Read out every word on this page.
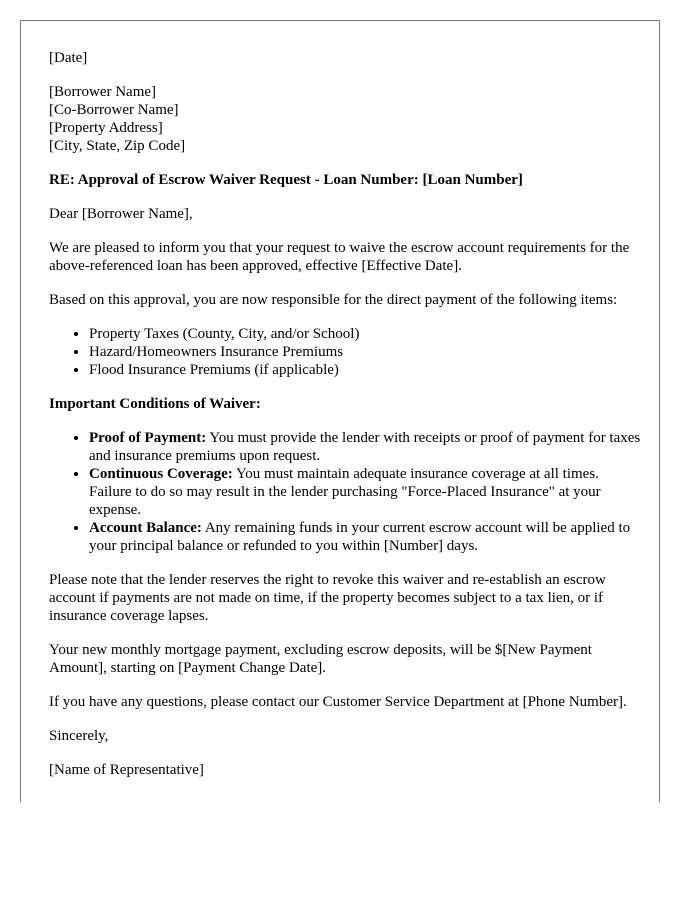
[Date]

[Borrower Name]
[Co-Borrower Name]
[Property Address]
[City, State, Zip Code]

RE: Approval of Escrow Waiver Request - Loan Number: [Loan Number]

Dear [Borrower Name],

We are pleased to inform you that your request to waive the escrow account requirements for the above-referenced loan has been approved, effective [Effective Date].

Based on this approval, you are now responsible for the direct payment of the following items:

• Property Taxes (County, City, and/or School)
• Hazard/Homeowners Insurance Premiums
• Flood Insurance Premiums (if applicable)

Important Conditions of Waiver:

• Proof of Payment: You must provide the lender with receipts or proof of payment for taxes and insurance premiums upon request.
• Continuous Coverage: You must maintain adequate insurance coverage at all times. Failure to do so may result in the lender purchasing "Force-Placed Insurance" at your expense.
• Account Balance: Any remaining funds in your current escrow account will be applied to your principal balance or refunded to you within [Number] days.

Please note that the lender reserves the right to revoke this waiver and re-establish an escrow account if payments are not made on time, if the property becomes subject to a tax lien, or if insurance coverage lapses.

Your new monthly mortgage payment, excluding escrow deposits, will be $[New Payment Amount], starting on [Payment Change Date].

If you have any questions, please contact our Customer Service Department at [Phone Number].

Sincerely,

[Name of Representative]
